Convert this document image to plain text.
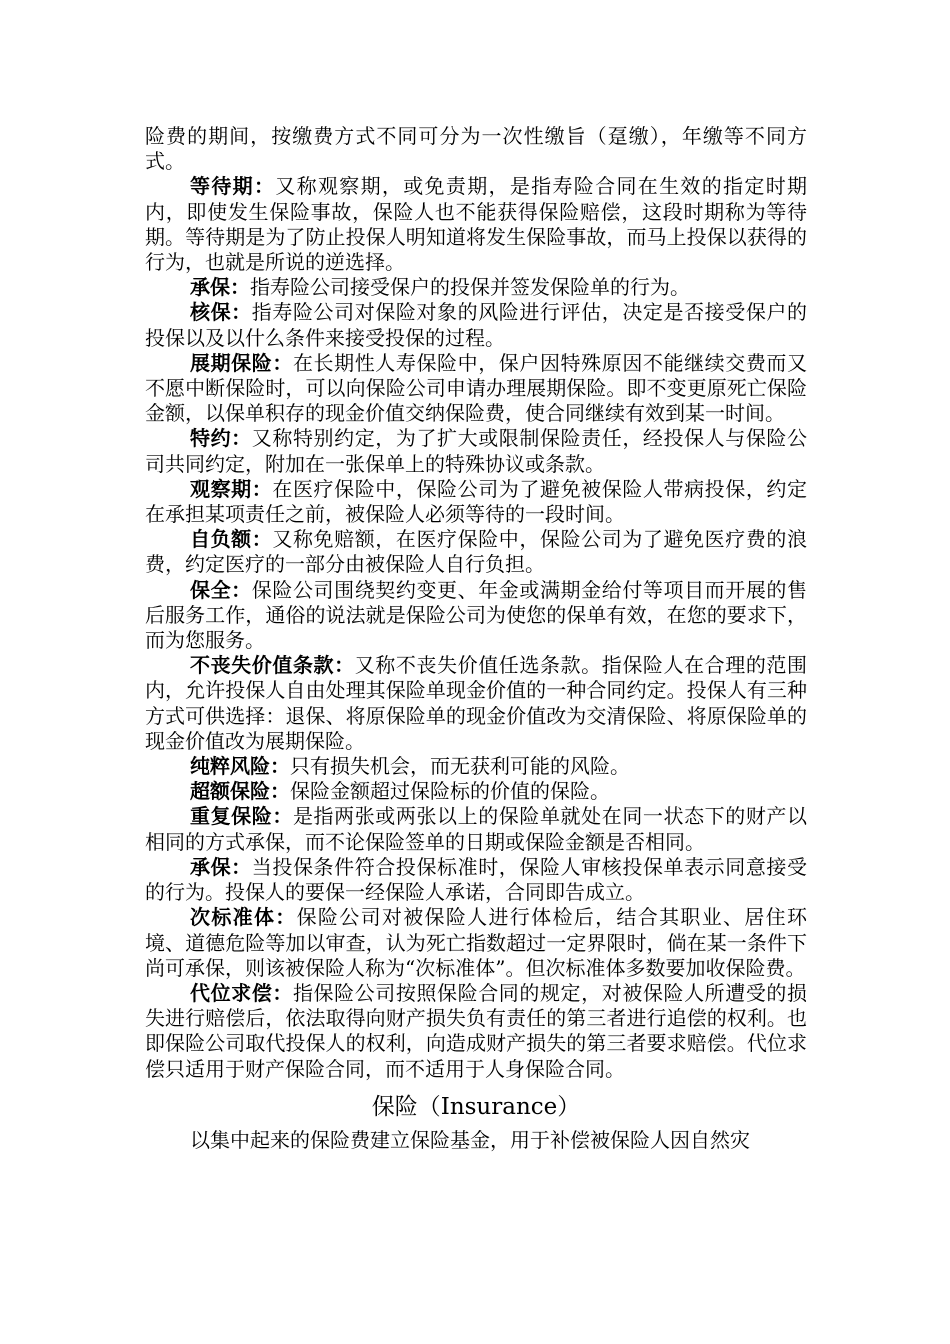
险费的期间，按缴费方式不同可分为一次性缴旨（趸缴），年缴等不同方式。

等待期：又称观察期，或免责期，是指寿险合同在生效的指定时期内，即使发生保险事故，保险人也不能获得保险赔偿，这段时期称为等待期。等待期是为了防止投保人明知道将发生保险事故，而马上投保以获得的行为，也就是所说的逆选择。

承保：指寿险公司接受保户的投保并签发保险单的行为。

核保：指寿险公司对保险对象的风险进行评估，决定是否接受保户的投保以及以什么条件来接受投保的过程。

展期保险：在长期性人寿保险中，保户因特殊原因不能继续交费而又不愿中断保险时，可以向保险公司申请办理展期保险。即不变更原死亡保险金额，以保单积存的现金价值交纳保险费，使合同继续有效到某一时间。

特约：又称特别约定，为了扩大或限制保险责任，经投保人与保险公司共同约定，附加在一张保单上的特殊协议或条款。

观察期：在医疗保险中，保险公司为了避免被保险人带病投保，约定在承担某项责任之前，被保险人必须等待的一段时间。

自负额：又称免赔额，在医疗保险中，保险公司为了避免医疗费的浪费，约定医疗的一部分由被保险人自行负担。

保全：保险公司围绕契约变更、年金或满期金给付等项目而开展的售后服务工作，通俗的说法就是保险公司为使您的保单有效，在您的要求下，而为您服务。

不丧失价值条款：又称不丧失价值任选条款。指保险人在合理的范围内，允许投保人自由处理其保险单现金价值的一种合同约定。投保人有三种方式可供选择：退保、将原保险单的现金价值改为交清保险、将原保险单的现金价值改为展期保险。

纯粹风险：只有损失机会，而无获利可能的风险。

超额保险：保险金额超过保险标的价值的保险。

重复保险：是指两张或两张以上的保险单就处在同一状态下的财产以相同的方式承保，而不论保险签单的日期或保险金额是否相同。

承保：当投保条件符合投保标准时，保险人审核投保单表示同意接受的行为。投保人的要保一经保险人承诺，合同即告成立。

次标准体：保险公司对被保险人进行体检后，结合其职业、居住环境、道德危险等加以审查，认为死亡指数超过一定界限时，倘在某一条件下尚可承保，则该被保险人称为“次标准体”。但次标准体多数要加收保险费。

代位求偿：指保险公司按照保险合同的规定，对被保险人所遭受的损失进行赔偿后，依法取得向财产损失负有责任的第三者进行追偿的权利。也即保险公司取代投保人的权利，向造成财产损失的第三者要求赔偿。代位求偿只适用于财产保险合同，而不适用于人身保险合同。

保险（Insurance）

以集中起来的保险费建立保险基金，用于补偿被保险人因自然灾
